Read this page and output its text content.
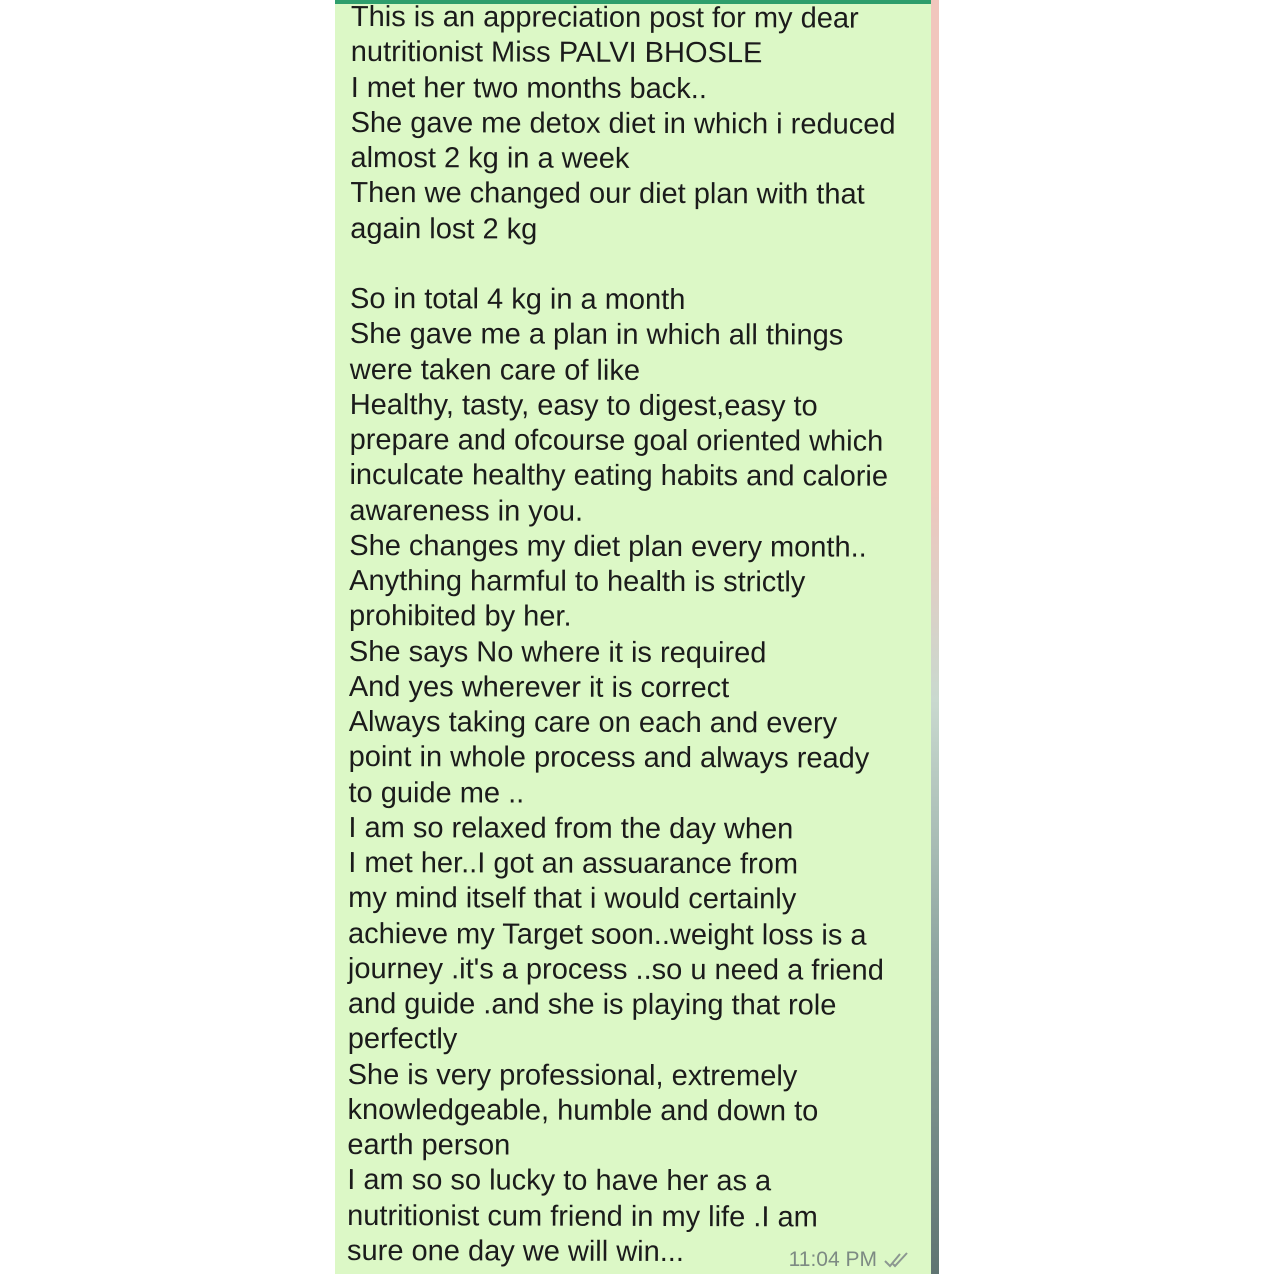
This is an appreciation post for my dear
nutritionist Miss PALVI BHOSLE
I met her two months back..
She gave me detox diet in which i reduced
almost 2 kg in a week
Then we changed our diet plan with that
again lost 2 kg

So in total 4 kg in a month
She gave me a plan in which all things
were taken care of like
Healthy, tasty, easy to digest,easy to
prepare and ofcourse goal oriented which
inculcate healthy eating habits and calorie
awareness in you.
She changes my diet plan every month..
Anything harmful to health is strictly
prohibited by her.
She says No where it is required
And yes wherever it is correct
Always taking care on each and every
point in whole process and always ready
to guide me ..
I am so relaxed from the day when
I met her..I got an assuarance from
my mind itself that i would certainly
achieve my Target soon..weight loss is a
journey .it's a process ..so u need a friend
and guide .and she is playing that role
perfectly
She is very professional, extremely
knowledgeable, humble and down to
earth person
I am so so lucky to have her as a
nutritionist cum friend in my life .I am
sure one day we will win...	11:04 PM
